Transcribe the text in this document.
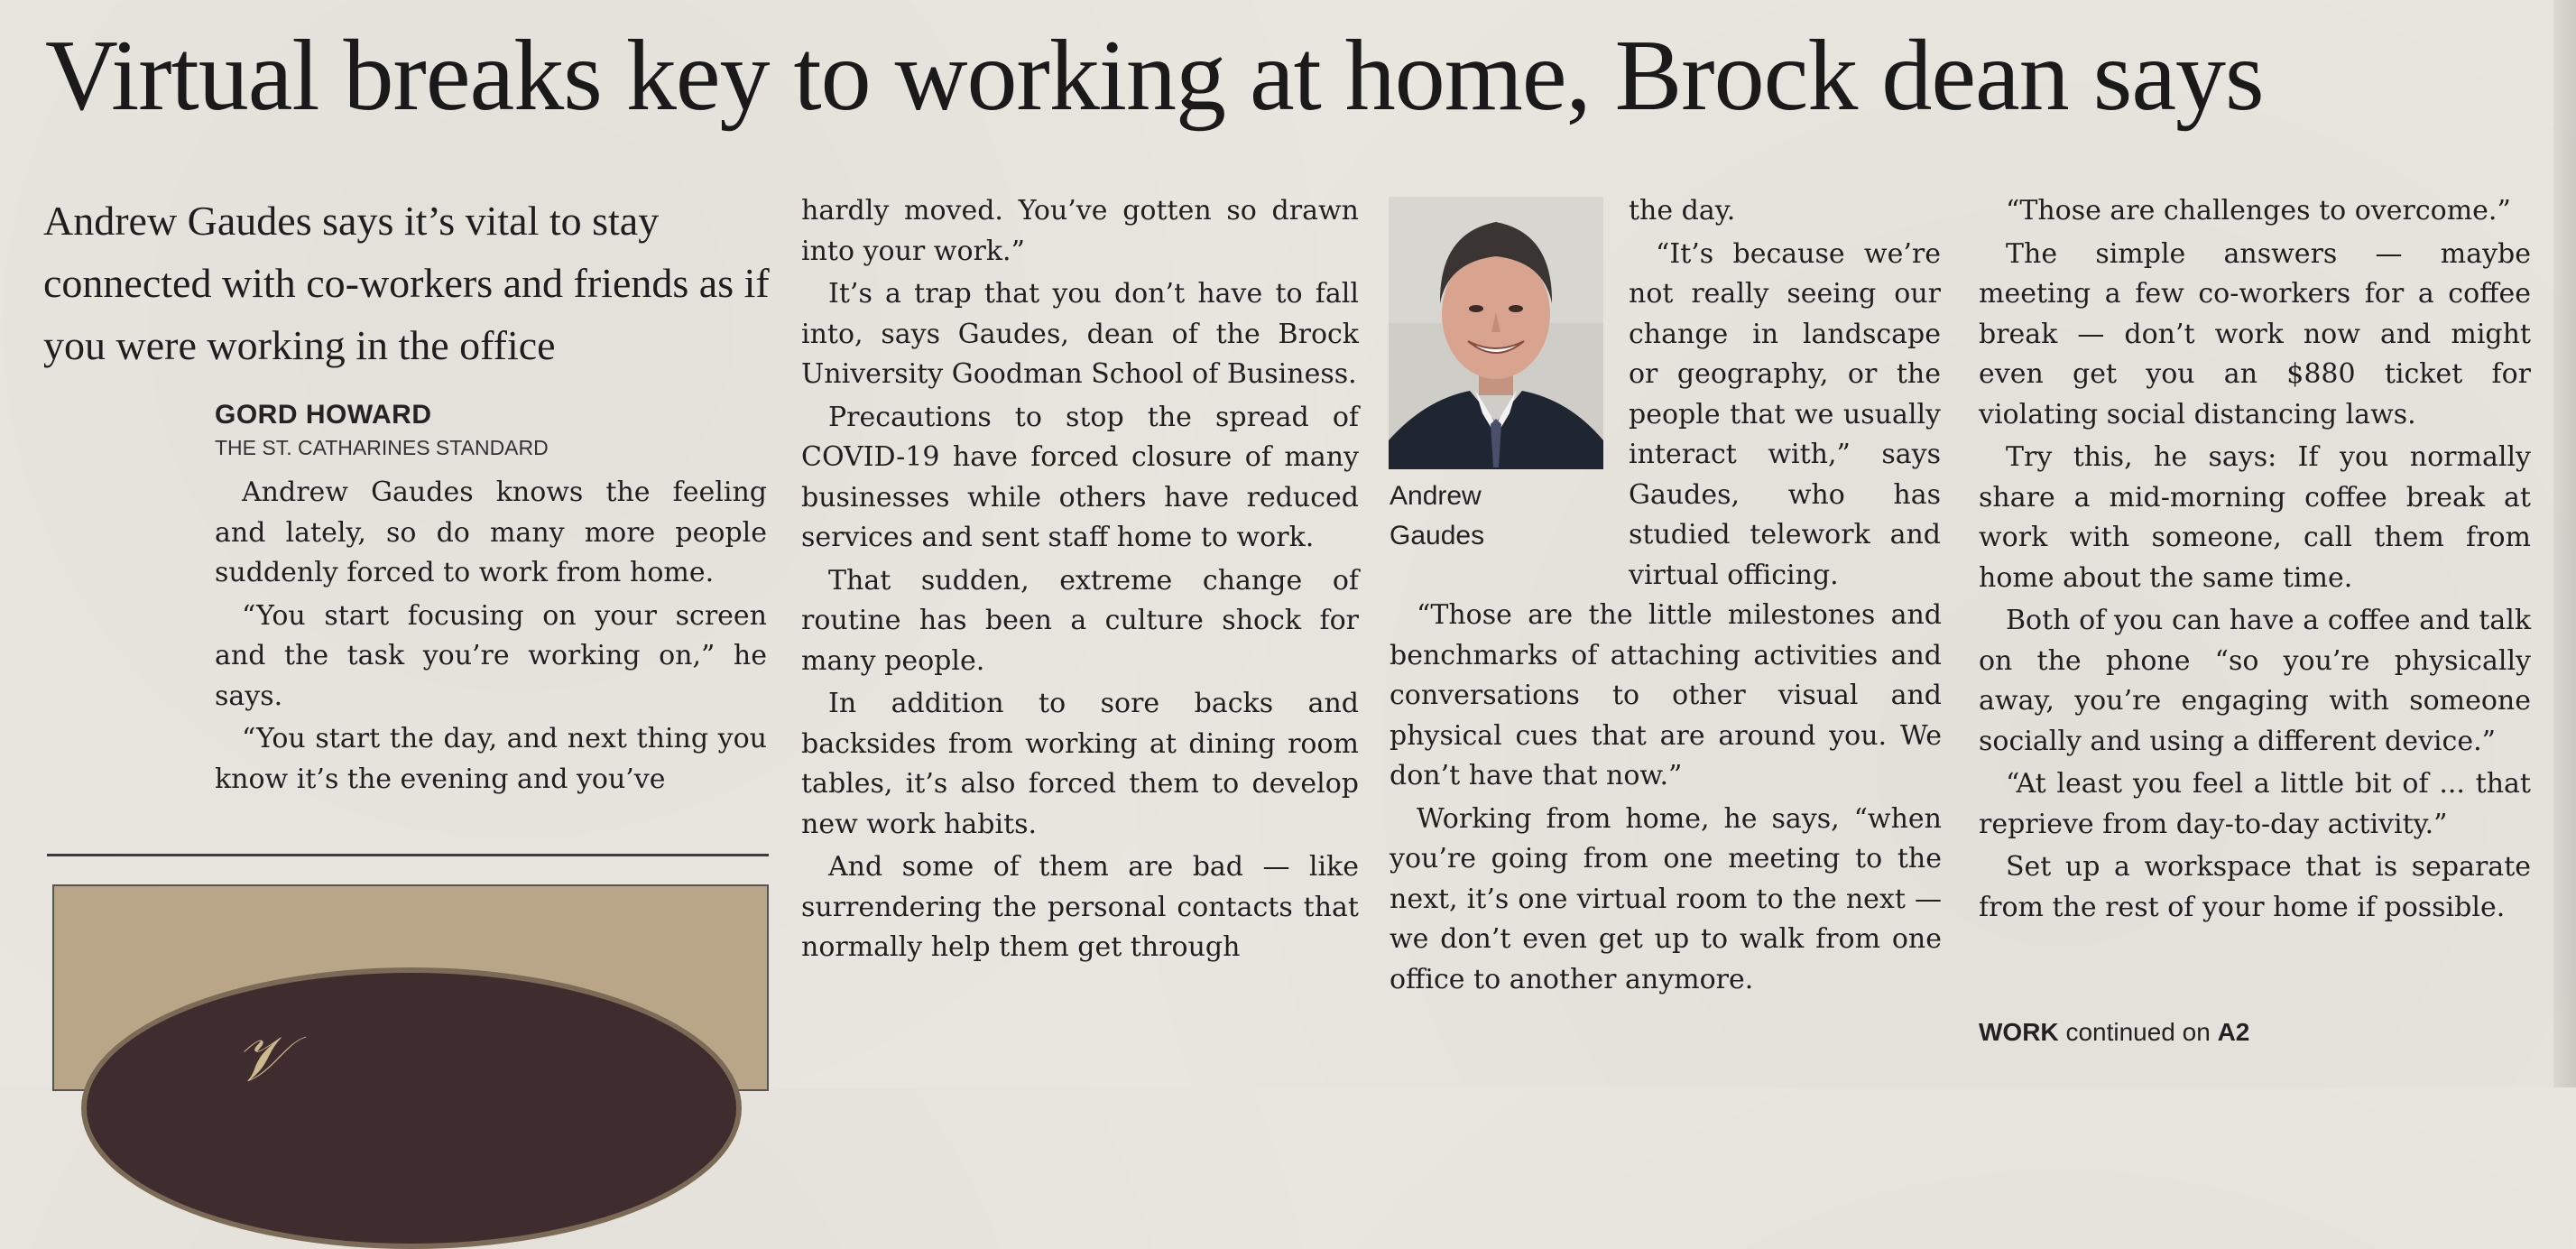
Virtual breaks key to working at home, Brock dean says
Andrew Gaudes says it’s vital to stay connected with co-workers and friends as if you were working in the office
GORD HOWARD
THE ST. CATHARINES STANDARD

Andrew Gaudes knows the feeling and lately, so do many more people suddenly forced to work from home.

“You start focusing on your screen and the task you’re working on,” he says.

“You start the day, and next thing you know it’s the evening and you’ve

𝒱

hardly moved. You’ve gotten so drawn into your work.”

It’s a trap that you don’t have to fall into, says Gaudes, dean of the Brock University Goodman School of Business.

Precautions to stop the spread of COVID-19 have forced closure of many businesses while others have reduced services and sent staff home to work.

That sudden, extreme change of routine has been a culture shock for many people.

In addition to sore backs and backsides from working at dining room tables, it’s also forced them to develop new work habits.

And some of them are bad — like surrendering the personal contacts that normally help them get through

Andrew
Gaudes

the day.

“It’s because we’re not really seeing our change in landscape or geography, or the people that we usually interact with,” says Gaudes, who has studied telework and virtual officing.

“Those are the little milestones and benchmarks of attaching activities and conversations to other visual and physical cues that are around you. We don’t have that now.”

Working from home, he says, “when you’re going from one meeting to the next, it’s one virtual room to the next — we don’t even get up to walk from one office to another anymore.

“Those are challenges to overcome.”

The simple answers — maybe meeting a few co-workers for a coffee break — don’t work now and might even get you an $880 ticket for violating social distancing laws.

Try this, he says: If you normally share a mid-morning coffee break at work with someone, call them from home about the same time.

Both of you can have a coffee and talk on the phone “so you’re physically away, you’re engaging with someone socially and using a different device.”

“At least you feel a little bit of ... that reprieve from day-to-day activity.”

Set up a workspace that is separate from the rest of your home if possible.

WORK continued on A2
